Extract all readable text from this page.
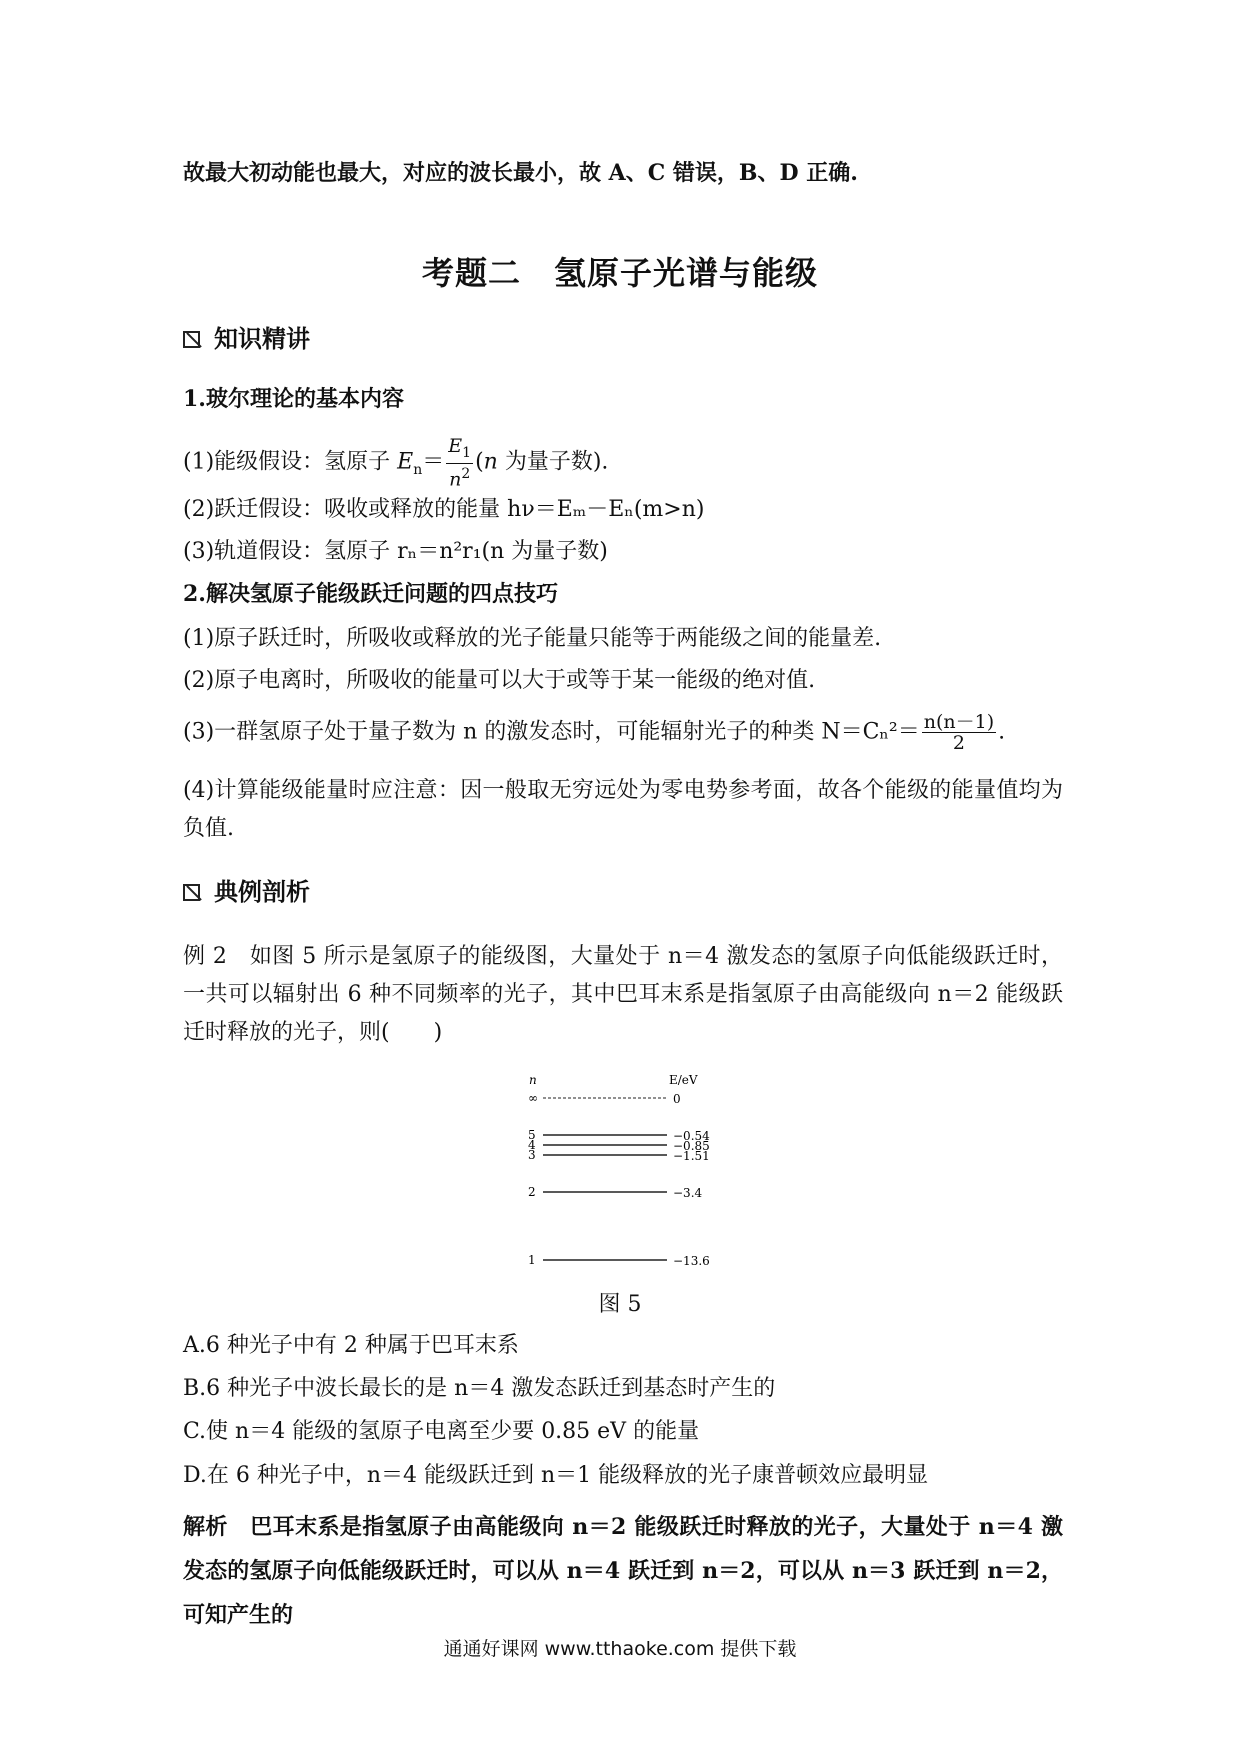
故最大初动能也最大，对应的波长最小，故 A、C 错误，B、D 正确.
考题二　氢原子光谱与能级
知识精讲
1.玻尔理论的基本内容
(1)能级假设：氢原子 $E_n= \frac{E_1}{n^2} (n$ 为量子数).
(2)跃迁假设：吸收或释放的能量 hν＝Eₘ－Eₙ(m>n)
(3)轨道假设：氢原子 rₙ＝n²r₁(n 为量子数)
2.解决氢原子能级跃迁问题的四点技巧
(1)原子跃迁时，所吸收或释放的光子能量只能等于两能级之间的能量差.
(2)原子电离时，所吸收的能量可以大于或等于某一能级的绝对值.
(3)一群氢原子处于量子数为 n 的激发态时，可能辐射光子的种类 $N=C_n^2= \frac{n(n-1)}{2}$ .
(4)计算能级能量时应注意：因一般取无穷远处为零电势参考面，故各个能级的能量值均为负值.
典例剖析
例 2　如图 5 所示是氢原子的能级图，大量处于 n＝4 激发态的氢原子向低能级跃迁时，一共可以辐射出 6 种不同频率的光子，其中巴耳末系是指氢原子由高能级向 n＝2 能级跃迁时释放的光子，则(　　)
n	E/eV
∞	0
5	−0.54
4	−0.85
3	−1.51
2	−3.4
1	−13.6
图 5
A.6 种光子中有 2 种属于巴耳末系
B.6 种光子中波长最长的是 n＝4 激发态跃迁到基态时产生的
C.使 n＝4 能级的氢原子电离至少要 0.85 eV 的能量
D.在 6 种光子中，n＝4 能级跃迁到 n＝1 能级释放的光子康普顿效应最明显
解析　巴耳末系是指氢原子由高能级向 n＝2 能级跃迁时释放的光子，大量处于 n＝4 激发态的氢原子向低能级跃迁时，可以从 n＝4 跃迁到 n＝2，可以从 n＝3 跃迁到 n＝2，可知产生的
通通好课网 www.tthaoke.com 提供下载
